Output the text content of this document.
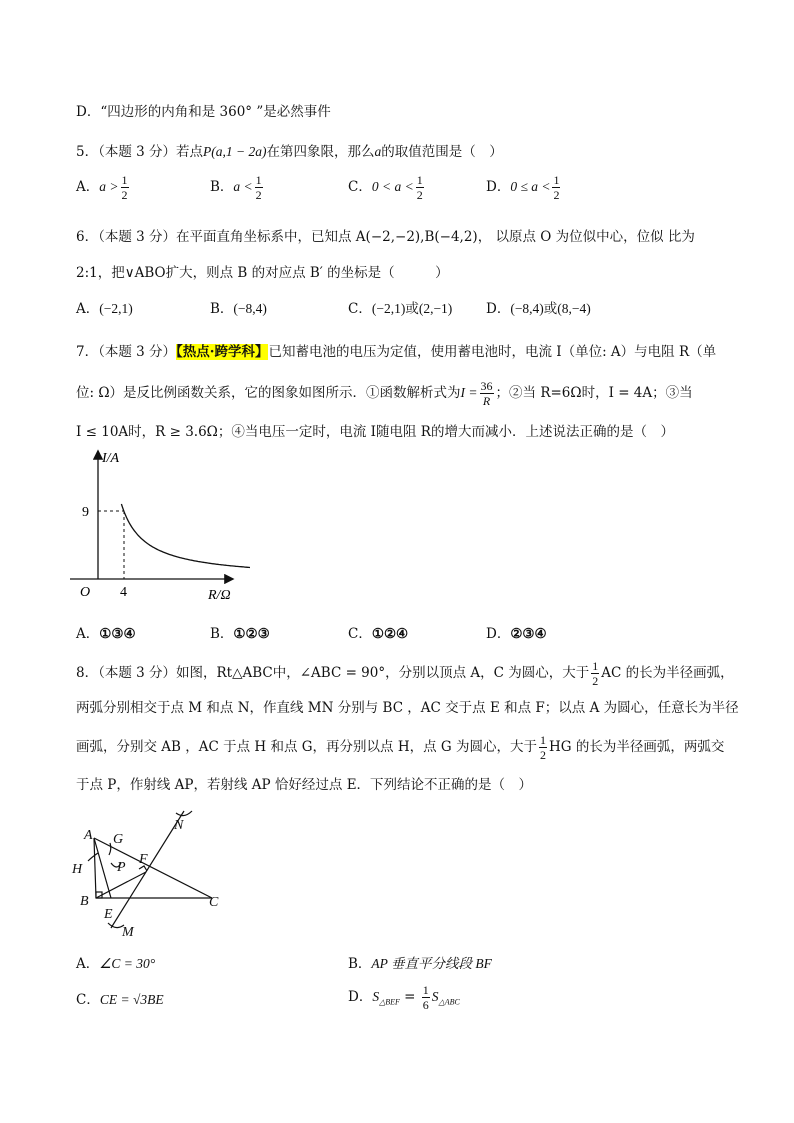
D．“四边形的内角和是 360° ”是必然事件
5．（本题 3 分）若点P(a,1 − 2a)在第四象限，那么a的取值范围是（　）
A．$a > \frac{1}{2}$	B．$a < \frac{1}{2}$	C．$0 < a < \frac{1}{2}$	D．$0 \le a < \frac{1}{2}$
6．（本题 3 分）在平面直角坐标系中，已知点 A(−2,−2),B(−4,2)， 以原点 O 为位似中心，位似 比为
2:1，把∨ABO扩大，则点 B 的对应点 B′ 的坐标是（　　　）
A．(−2,1)	B．(−8,4)	C．(−2,1)或(2,−1) D．(−8,4)或(8,−4)
7．（本题 3 分）【热点·跨学科】已知蓄电池的电压为定值，使用蓄电池时，电流 I（单位: A）与电阻 R（单
位: Ω）是反比例函数关系，它的图象如图所示．①函数解析式为$I = \frac{36}{R}$ ；②当 R=6Ω时，I = 4A；③当
I ≤ 10A时，R ≥ 3.6Ω；④当电压一定时，电流 I随电阻 R的增大而减小．上述说法正确的是（　）
I/A
R/Ω
O 4
9
A．①③④	B．①②③	C．①②④	D．②③④
8．（本题 3 分）如图，Rt△ABC中，∠ABC = 90°，分别以顶点 A，C 为圆心，大于 $\frac{1}{2}$ AC 的长为半径画弧，
两弧分别相交于点 M 和点 N，作直线 MN 分别与 BC ，AC 交于点 E 和点 F；以点 A 为圆心，任意长为半径
画弧，分别交 AB ，AC 于点 H 和点 G，再分别以点 H，点 G 为圆心，大于 $\frac{1}{2}$ HG 的长为半径画弧，两弧交
于点 P，作射线 AP，若射线 AP 恰好经过点 E．下列结论不正确的是（　）
A
B	C
E
F
G
H
M
N
P
A．∠C = 30°	B．AP 垂直平分线段 BF
C．CE = √3BE	D．$S_{\triangle BEF} = \frac{1}{6} S_{\triangle ABC}$
